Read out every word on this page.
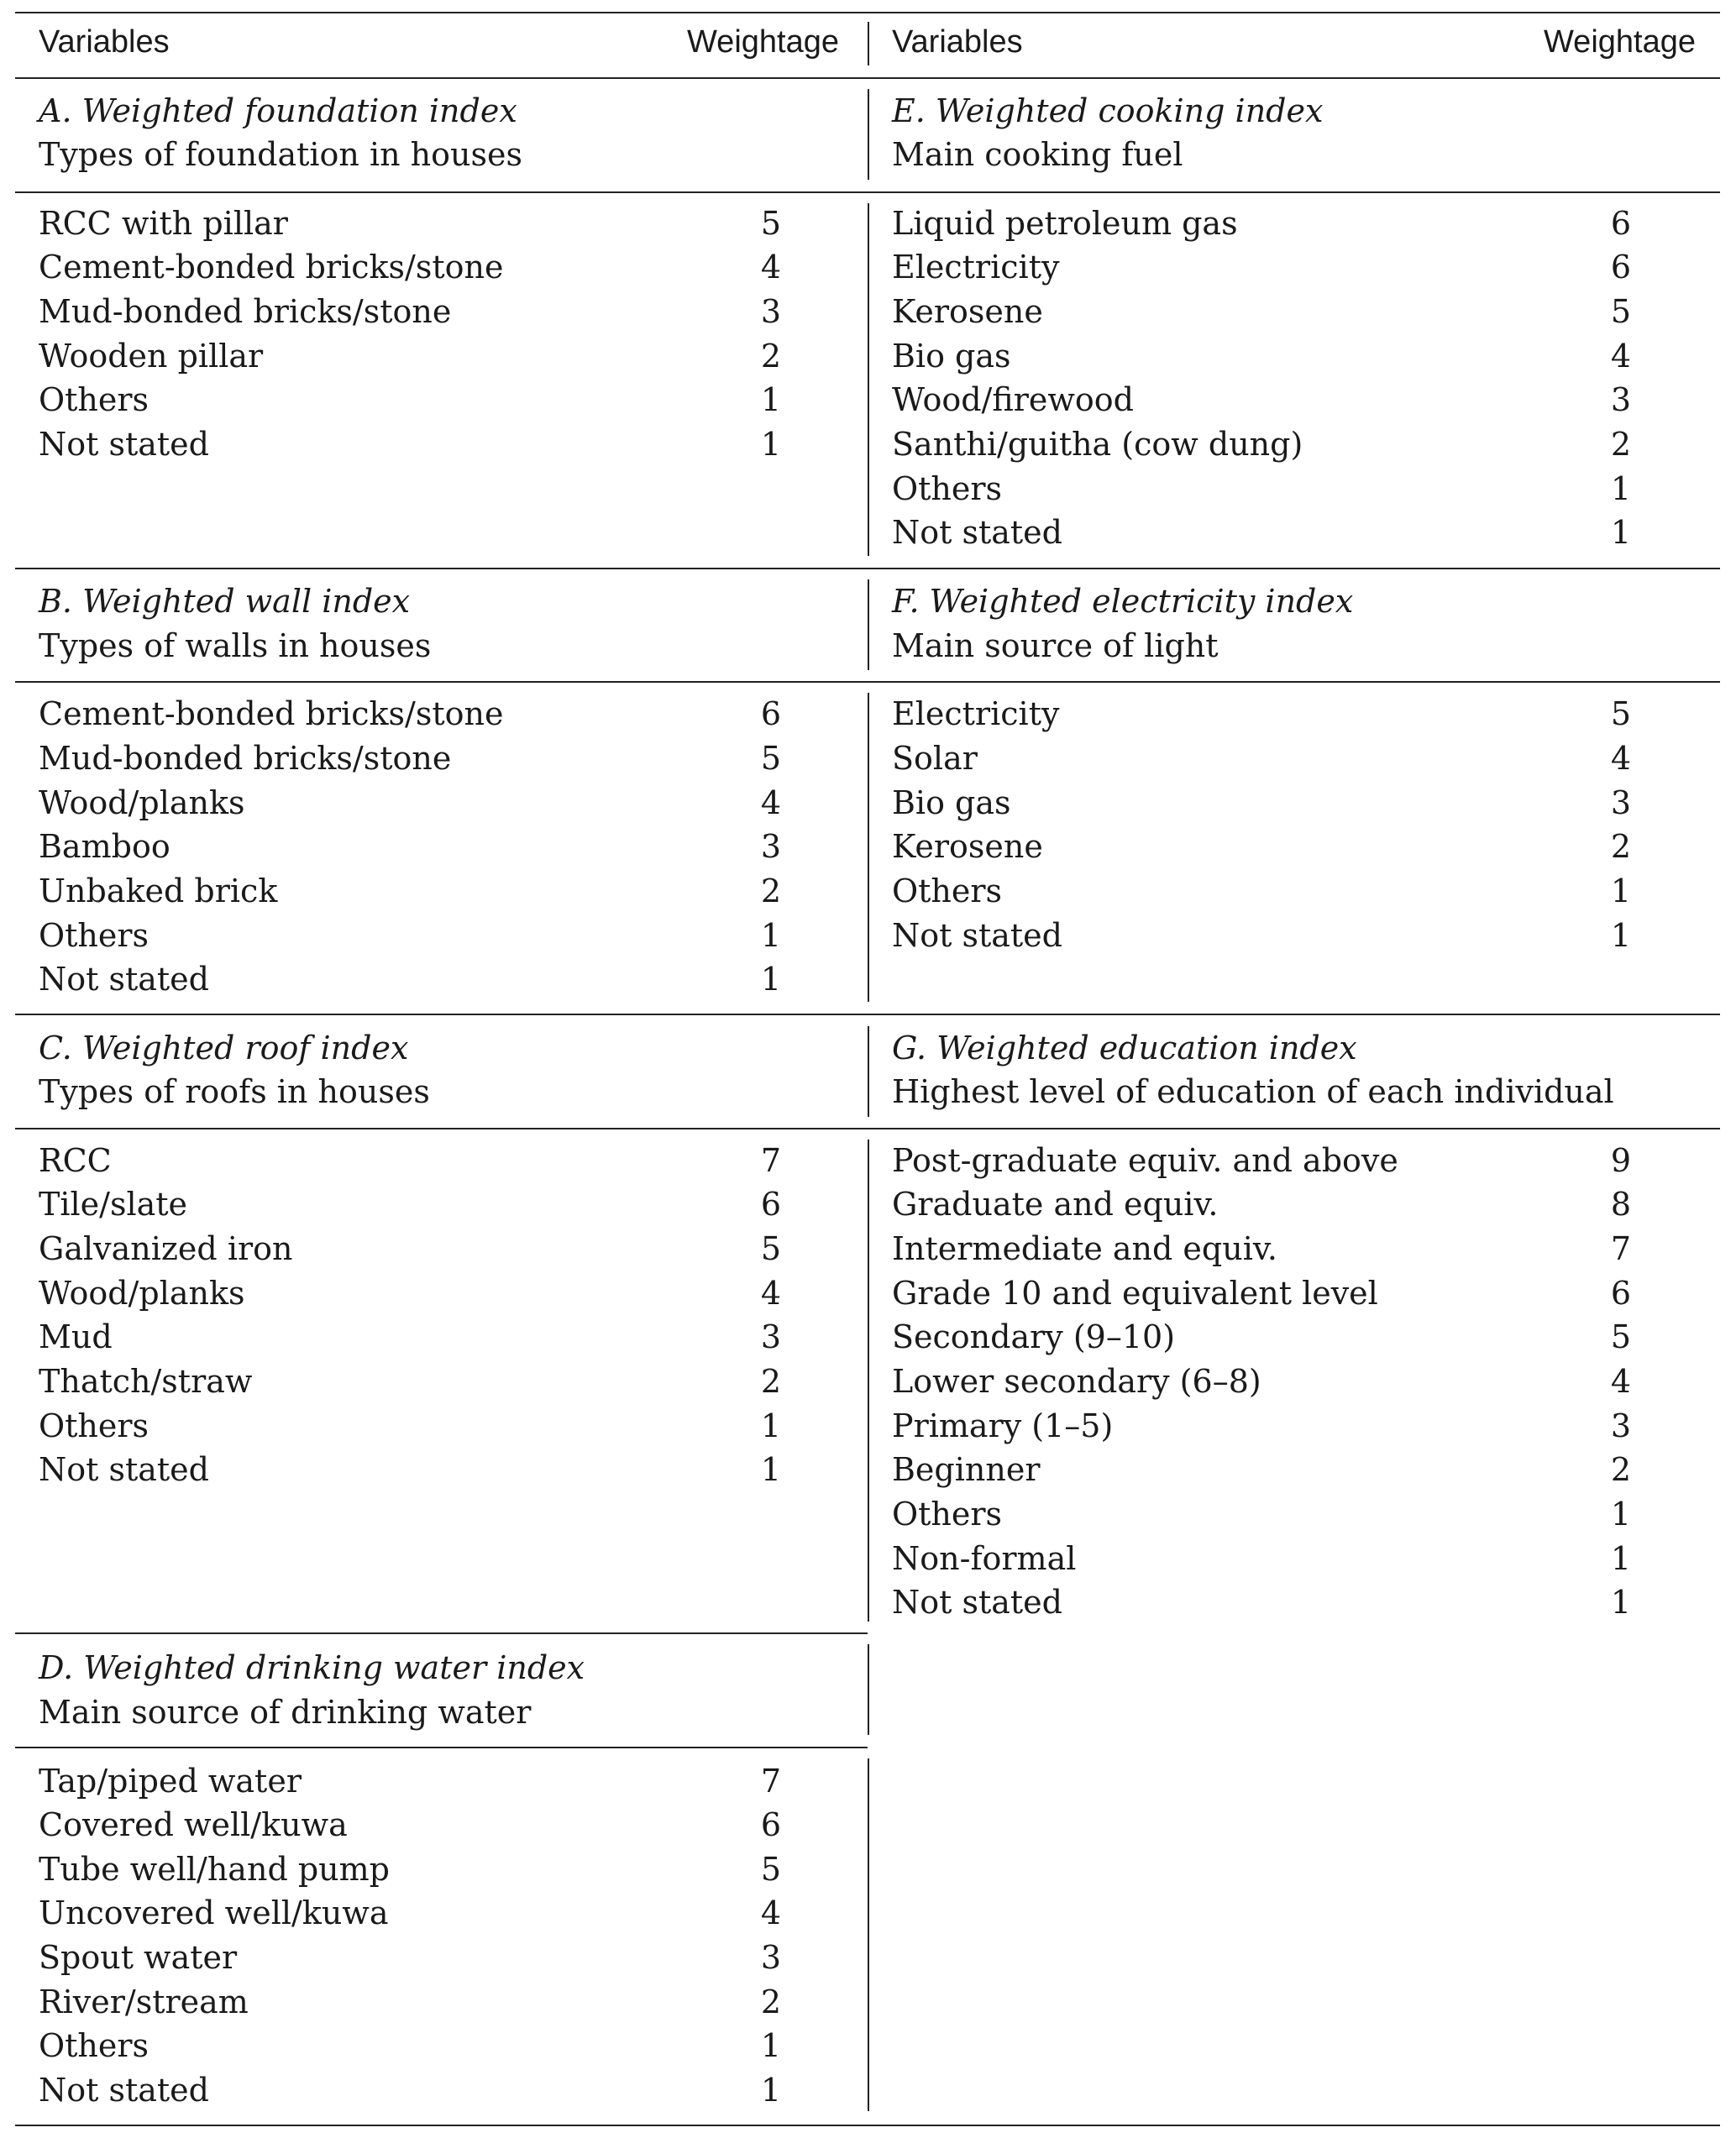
Variables	Weightage Variables	Weightage
A. Weighted foundation index
Types of foundation in houses
RCC with pillar	5
Cement-bonded bricks/stone	4
Mud-bonded bricks/stone	3
Wooden pillar	2
Others	1
Not stated	1
B. Weighted wall index
Types of walls in houses
Cement-bonded bricks/stone	6
Mud-bonded bricks/stone	5
Wood/planks	4
Bamboo	3
Unbaked brick	2
Others	1
Not stated	1
C. Weighted roof index
Types of roofs in houses
RCC	7
Tile/slate	6
Galvanized iron	5
Wood/planks	4
Mud	3
Thatch/straw	2
Others	1
Not stated	1
D. Weighted drinking water index
Main source of drinking water
Tap/piped water	7
Covered well/kuwa	6
Tube well/hand pump	5
Uncovered well/kuwa	4
Spout water	3
River/stream	2
Others	1
Not stated	1
E. Weighted cooking index
Main cooking fuel
Liquid petroleum gas	6
Electricity	6
Kerosene	5
Bio gas	4
Wood/firewood	3
Santhi/guitha (cow dung)	2
Others	1
Not stated	1
F. Weighted electricity index
Main source of light
Electricity	5
Solar	4
Bio gas	3
Kerosene	2
Others	1
Not stated	1
G. Weighted education index
Highest level of education of each individual
Post-graduate equiv. and above	9
Graduate and equiv.	8
Intermediate and equiv.	7
Grade 10 and equivalent level	6
Secondary (9–10)	5
Lower secondary (6–8)	4
Primary (1–5)	3
Beginner	2
Others	1
Non-formal	1
Not stated	1
